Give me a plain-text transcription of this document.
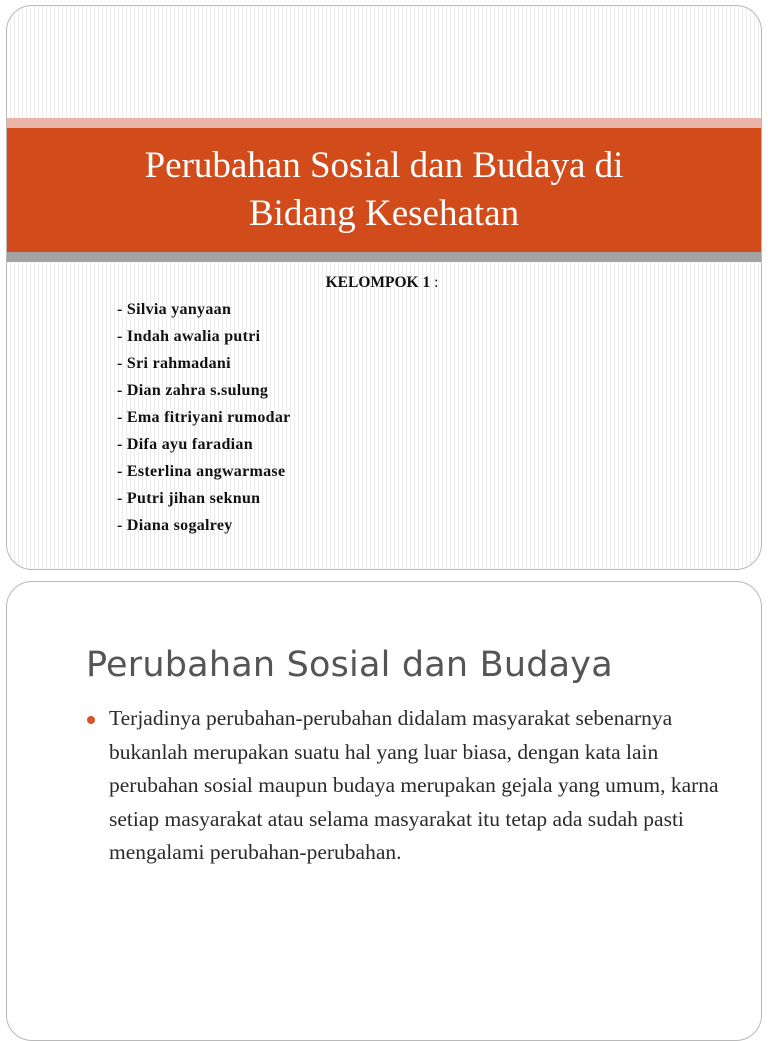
Perubahan Sosial dan Budaya di
Bidang Kesehatan
KELOMPOK 1 :
- Silvia yanyaan
- Indah awalia putri
- Sri rahmadani
- Dian zahra s.sulung
- Ema fitriyani rumodar
- Difa ayu faradian
- Esterlina angwarmase
- Putri jihan seknun
- Diana sogalrey
Perubahan Sosial dan Budaya

Terjadinya perubahan-perubahan didalam masyarakat sebenarnya bukanlah merupakan suatu hal yang luar biasa, dengan kata lain perubahan sosial maupun budaya merupakan gejala yang umum, karna setiap masyarakat atau selama masyarakat itu tetap ada sudah pasti mengalami perubahan-perubahan.
